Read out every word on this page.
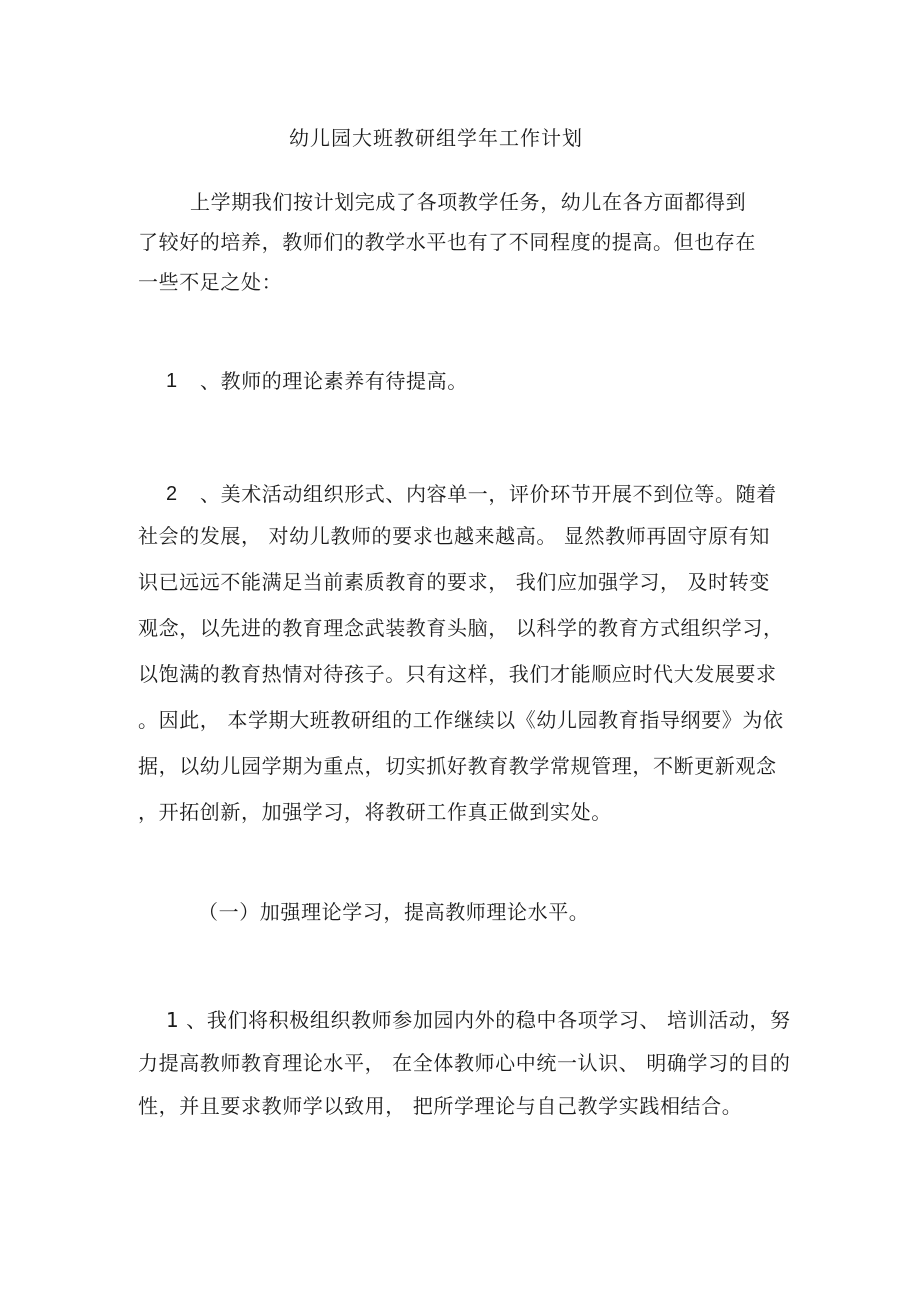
幼儿园大班教研组学年工作计划
上学期我们按计划完成了各项教学任务，幼儿在各方面都得到
了较好的培养，教师们的教学水平也有了不同程度的提高。但也存在
一些不足之处：
1 、教师的理论素养有待提高。
2 、美术活动组织形式、内容单一，评价环节开展不到位等。随着
社会的发展， 对幼儿教师的要求也越来越高。 显然教师再固守原有知
识已远远不能满足当前素质教育的要求， 我们应加强学习， 及时转变
观念，以先进的教育理念武装教育头脑， 以科学的教育方式组织学习，
以饱满的教育热情对待孩子。只有这样，我们才能顺应时代大发展要求
。因此， 本学期大班教研组的工作继续以《幼儿园教育指导纲要》为依
据，以幼儿园学期为重点，切实抓好教育教学常规管理，不断更新观念
，开拓创新，加强学习，将教研工作真正做到实处。
（一）加强理论学习，提高教师理论水平。
1 、我们将积极组织教师参加园内外的稳中各项学习、 培训活动，努
力提高教师教育理论水平， 在全体教师心中统一认识、 明确学习的目的
性，并且要求教师学以致用， 把所学理论与自己教学实践相结合。
